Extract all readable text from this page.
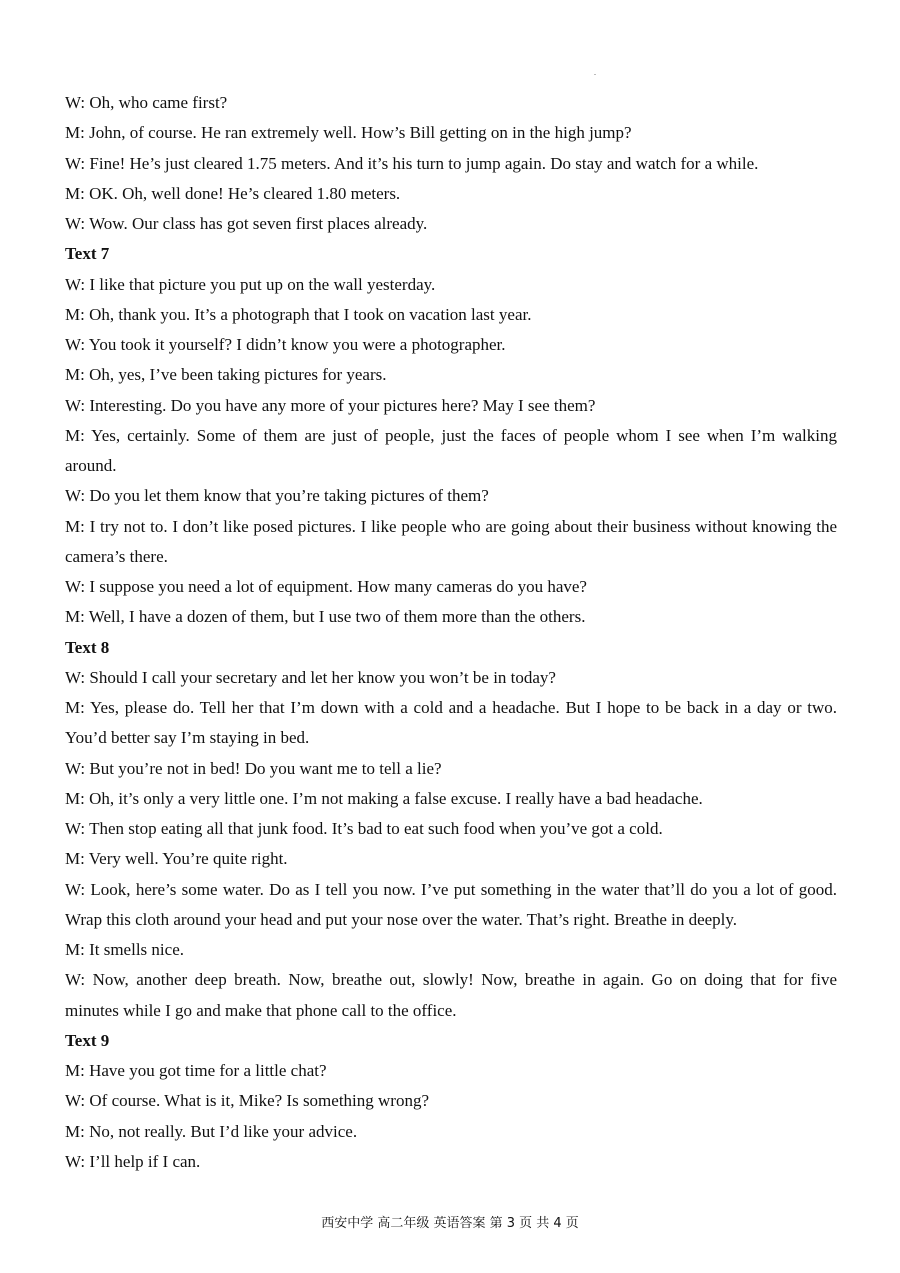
W: Oh, who came first?
M: John, of course. He ran extremely well. How’s Bill getting on in the high jump?
W: Fine! He’s just cleared 1.75 meters. And it’s his turn to jump again. Do stay and watch for a while.
M: OK. Oh, well done! He’s cleared 1.80 meters.
W: Wow. Our class has got seven first places already.
Text 7
W: I like that picture you put up on the wall yesterday.
M: Oh, thank you. It’s a photograph that I took on vacation last year.
W: You took it yourself? I didn’t know you were a photographer.
M: Oh, yes, I’ve been taking pictures for years.
W: Interesting. Do you have any more of your pictures here? May I see them?
M: Yes, certainly. Some of them are just of people, just the faces of people whom I see when I’m walking around.
W: Do you let them know that you’re taking pictures of them?
M: I try not to. I don’t like posed pictures. I like people who are going about their business without knowing the camera’s there.
W: I suppose you need a lot of equipment. How many cameras do you have?
M: Well, I have a dozen of them, but I use two of them more than the others.
Text 8
W: Should I call your secretary and let her know you won’t be in today?
M: Yes, please do. Tell her that I’m down with a cold and a headache. But I hope to be back in a day or two. You’d better say I’m staying in bed.
W: But you’re not in bed! Do you want me to tell a lie?
M: Oh, it’s only a very little one. I’m not making a false excuse. I really have a bad headache.
W: Then stop eating all that junk food. It’s bad to eat such food when you’ve got a cold.
M: Very well. You’re quite right.
W: Look, here’s some water. Do as I tell you now. I’ve put something in the water that’ll do you a lot of good. Wrap this cloth around your head and put your nose over the water. That’s right. Breathe in deeply.
M: It smells nice.
W: Now, another deep breath. Now, breathe out, slowly! Now, breathe in again. Go on doing that for five minutes while I go and make that phone call to the office.
Text 9
M: Have you got time for a little chat?
W: Of course. What is it, Mike? Is something wrong?
M: No, not really. But I’d like your advice.
W: I’ll help if I can.
西安中学 高二年级 英语答案 第 3 页 共 4 页
